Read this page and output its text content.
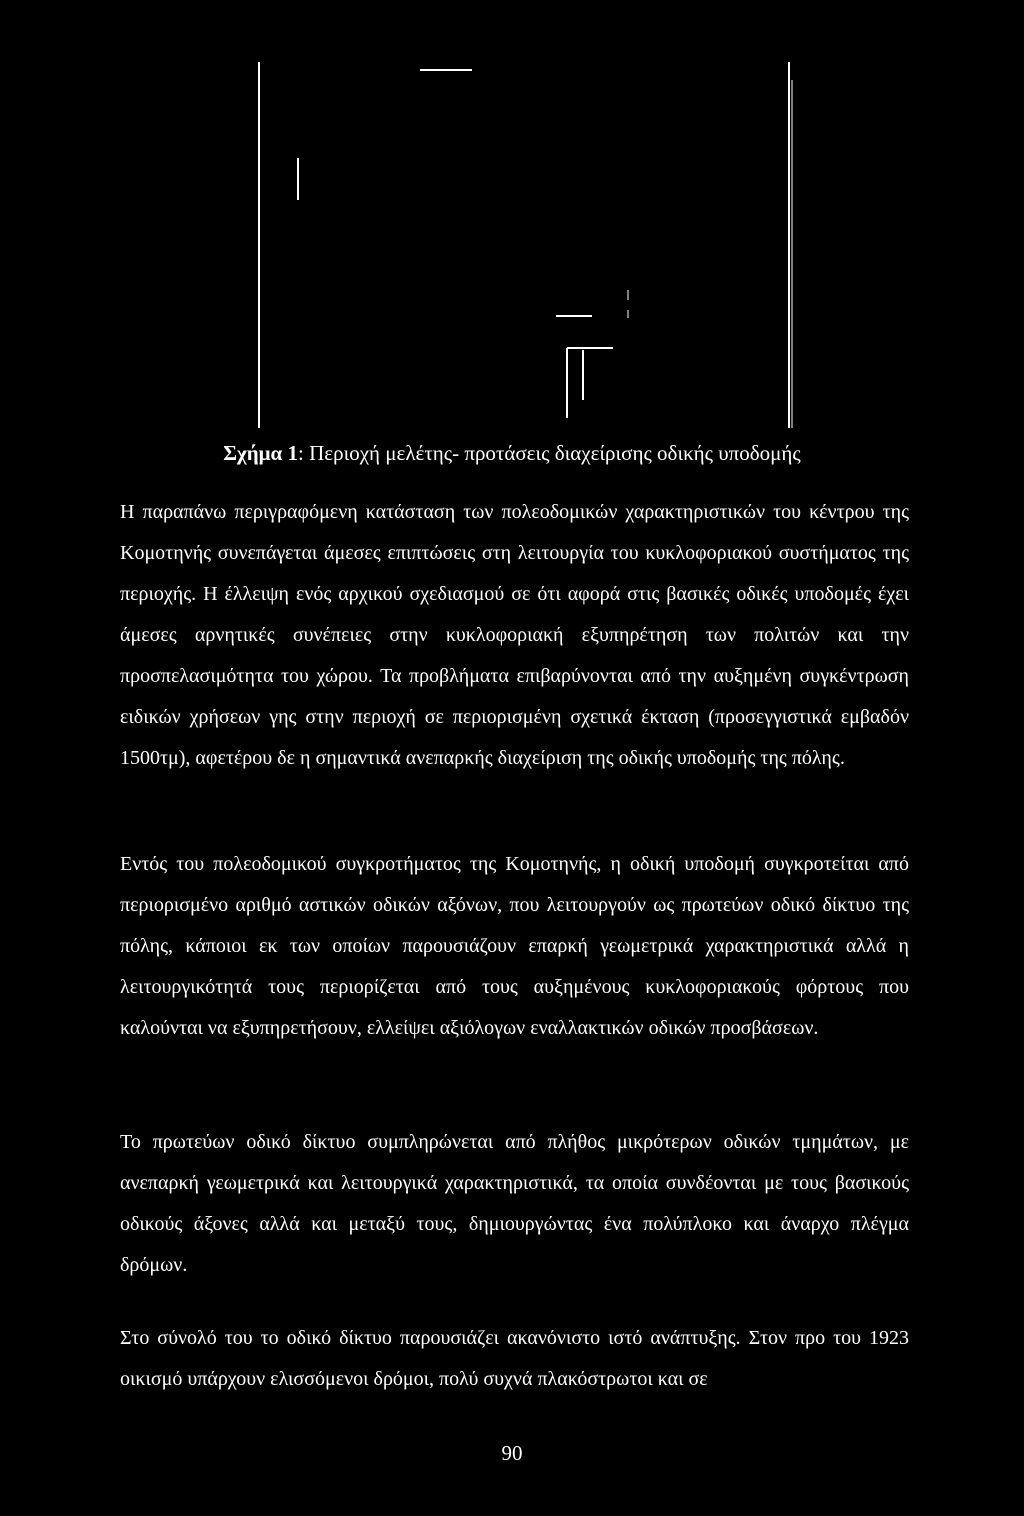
Σχήμα 1: Περιοχή μελέτης- προτάσεις διαχείρισης οδικής υποδομής

Η παραπάνω περιγραφόμενη κατάσταση των πολεοδομικών χαρακτηριστικών του κέντρου της Κομοτηνής συνεπάγεται άμεσες επιπτώσεις στη λειτουργία του κυκλοφοριακού συστήματος της περιοχής. Η έλλειψη ενός αρχικού σχεδιασμού σε ότι αφορά στις βασικές οδικές υποδομές έχει άμεσες αρνητικές συνέπειες στην κυκλοφοριακή εξυπηρέτηση των πολιτών και την προσπελασιμότητα του χώρου. Τα προβλήματα επιβαρύνονται από την αυξημένη συγκέντρωση ειδικών χρήσεων γης στην περιοχή σε περιορισμένη σχετικά έκταση (προσεγγιστικά εμβαδόν 1500τμ), αφετέρου δε η σημαντικά ανεπαρκής διαχείριση της οδικής υποδομής της πόλης.

Εντός του πολεοδομικού συγκροτήματος της Κομοτηνής, η οδική υποδομή συγκροτείται από περιορισμένο αριθμό αστικών οδικών αξόνων, που λειτουργούν ως πρωτεύων οδικό δίκτυο της πόλης, κάποιοι εκ των οποίων παρουσιάζουν επαρκή γεωμετρικά χαρακτηριστικά αλλά η λειτουργικότητά τους περιορίζεται από τους αυξημένους κυκλοφοριακούς φόρτους που καλούνται να εξυπηρετήσουν, ελλείψει αξιόλογων εναλλακτικών οδικών προσβάσεων.

Το πρωτεύων οδικό δίκτυο συμπληρώνεται από πλήθος μικρότερων οδικών τμημάτων, με ανεπαρκή γεωμετρικά και λειτουργικά χαρακτηριστικά, τα οποία συνδέονται με τους βασικούς οδικούς άξονες αλλά και μεταξύ τους, δημιουργώντας ένα πολύπλοκο και άναρχο πλέγμα δρόμων.

Στο σύνολό του το οδικό δίκτυο παρουσιάζει ακανόνιστο ιστό ανάπτυξης. Στον προ του 1923 οικισμό υπάρχουν ελισσόμενοι δρόμοι, πολύ συχνά πλακόστρωτοι και σε

90
